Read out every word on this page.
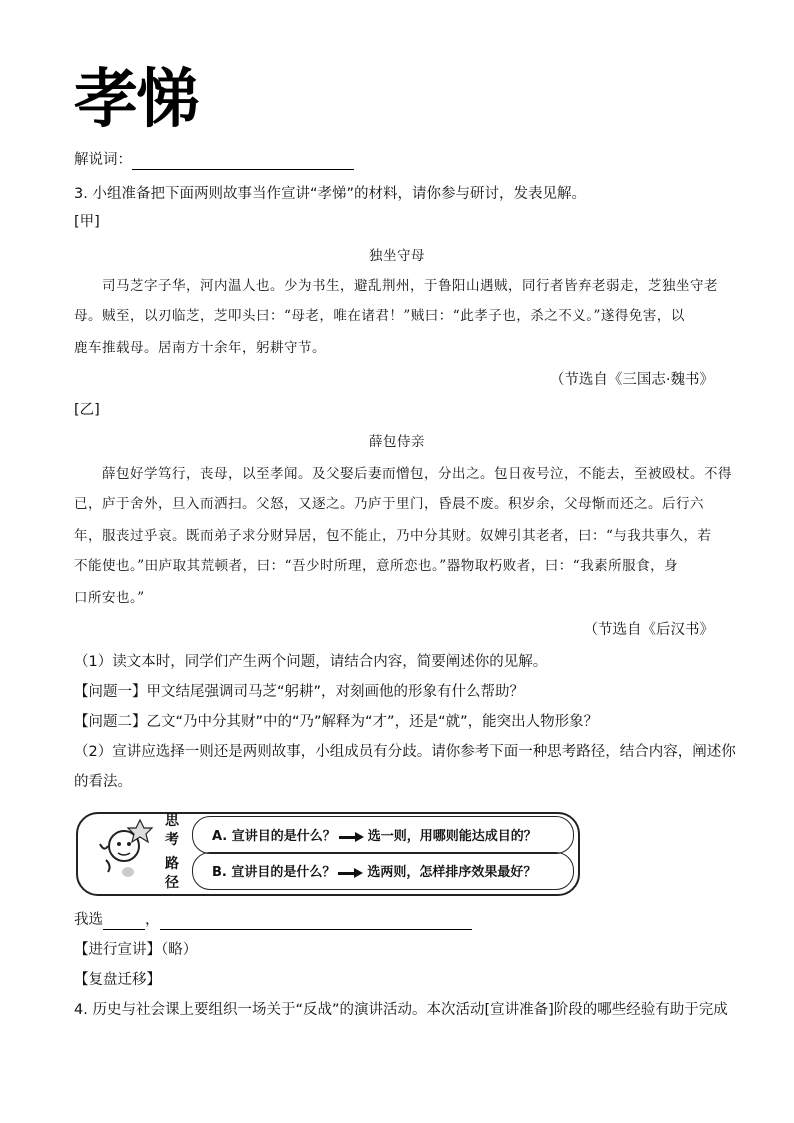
孝悌
解说词：
3. 小组准备把下面两则故事当作宣讲“孝悌”的材料，请你参与研讨，发表见解。
[甲]
独坐守母
司马芝字子华，河内温人也。少为书生，避乱荆州，于鲁阳山遇贼，同行者皆弃老弱走，芝独坐守老
母。贼至，以刃临芝，芝叩头曰：“母老，唯在诸君！”贼曰：“此孝子也，杀之不义。”遂得免害，以
鹿车推载母。居南方十余年，躬耕守节。
（节选自《三国志·魏书》
[乙]
薛包侍亲
薛包好学笃行，丧母，以至孝闻。及父娶后妻而憎包，分出之。包日夜号泣，不能去，至被殴杖。不得
已，庐于舍外，旦入而洒扫。父怒，又逐之。乃庐于里门，昏晨不废。积岁余，父母惭而还之。后行六
年，服丧过乎哀。既而弟子求分财异居，包不能止，乃中分其财。奴婢引其老者，曰：“与我共事久，若
不能使也。”田庐取其荒顿者，曰：“吾少时所理，意所恋也。”器物取朽败者，曰：“我素所服食，身
口所安也。”
（节选自《后汉书》
（1）读文本时，同学们产生两个问题，请结合内容，简要阐述你的见解。
【问题一】甲文结尾强调司马芝“躬耕”，对刻画他的形象有什么帮助？
【问题二】乙文“乃中分其财”中的“乃”解释为“才”，还是“就”，能突出人物形象？
（2）宣讲应选择一则还是两则故事，小组成员有分歧。请你参考下面一种思考路径，结合内容，阐述你
的看法。
思
考
路
径
A. 宣讲目的是什么？ 选一则，用哪则能达成目的？
B. 宣讲目的是什么？ 选两则，怎样排序效果最好？
我选	，
【进行宣讲】（略）
【复盘迁移】
4. 历史与社会课上要组织一场关于“反战”的演讲活动。本次活动[宣讲准备]阶段的哪些经验有助于完成
